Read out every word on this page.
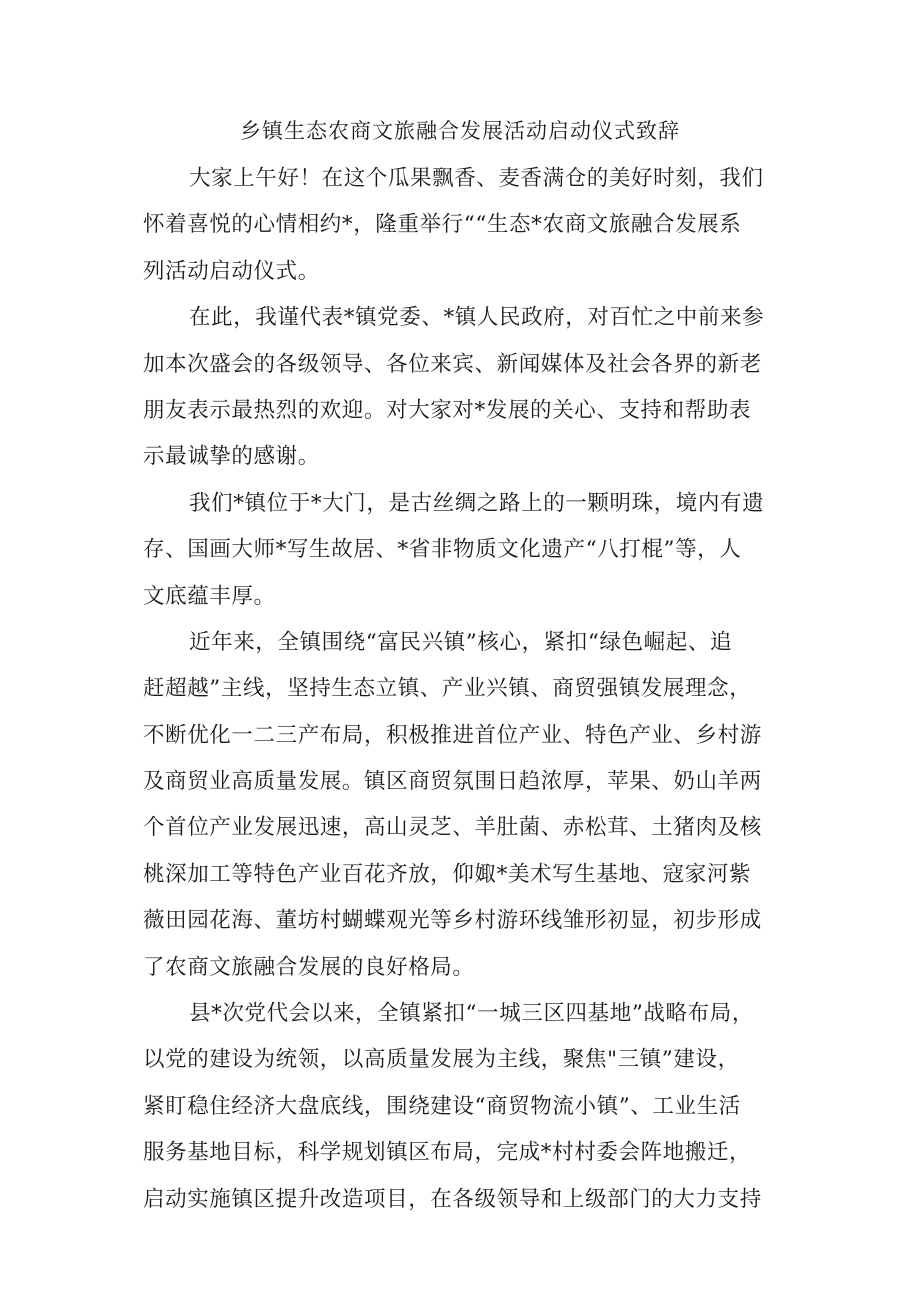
乡镇生态农商文旅融合发展活动启动仪式致辞
大家上午好！在这个瓜果飘香、麦香满仓的美好时刻，我们
怀着喜悦的心情相约*，隆重举行““生态*农商文旅融合发展系
列活动启动仪式。
在此，我谨代表*镇党委、*镇人民政府，对百忙之中前来参
加本次盛会的各级领导、各位来宾、新闻媒体及社会各界的新老
朋友表示最热烈的欢迎。对大家对*发展的关心、支持和帮助表
示最诚挚的感谢。
我们*镇位于*大门，是古丝绸之路上的一颗明珠，境内有遗
存、国画大师*写生故居、*省非物质文化遗产“八打棍”等，人
文底蕴丰厚。
近年来，全镇围绕“富民兴镇”核心，紧扣“绿色崛起、追
赶超越”主线，坚持生态立镇、产业兴镇、商贸强镇发展理念，
不断优化一二三产布局，积极推进首位产业、特色产业、乡村游
及商贸业高质量发展。镇区商贸氛围日趋浓厚，苹果、奶山羊两
个首位产业发展迅速，高山灵芝、羊肚菌、赤松茸、土猪肉及核
桃深加工等特色产业百花齐放，仰娵*美术写生基地、寇家河紫
薇田园花海、董坊村蝴蝶观光等乡村游环线雏形初显，初步形成
了农商文旅融合发展的良好格局。
县*次党代会以来，全镇紧扣“一城三区四基地”战略布局，
以党的建设为统领，以高质量发展为主线，聚焦"三镇”建设，
紧盯稳住经济大盘底线，围绕建设“商贸物流小镇”、工业生活
服务基地目标，科学规划镇区布局，完成*村村委会阵地搬迁，
启动实施镇区提升改造项目，在各级领导和上级部门的大力支持
